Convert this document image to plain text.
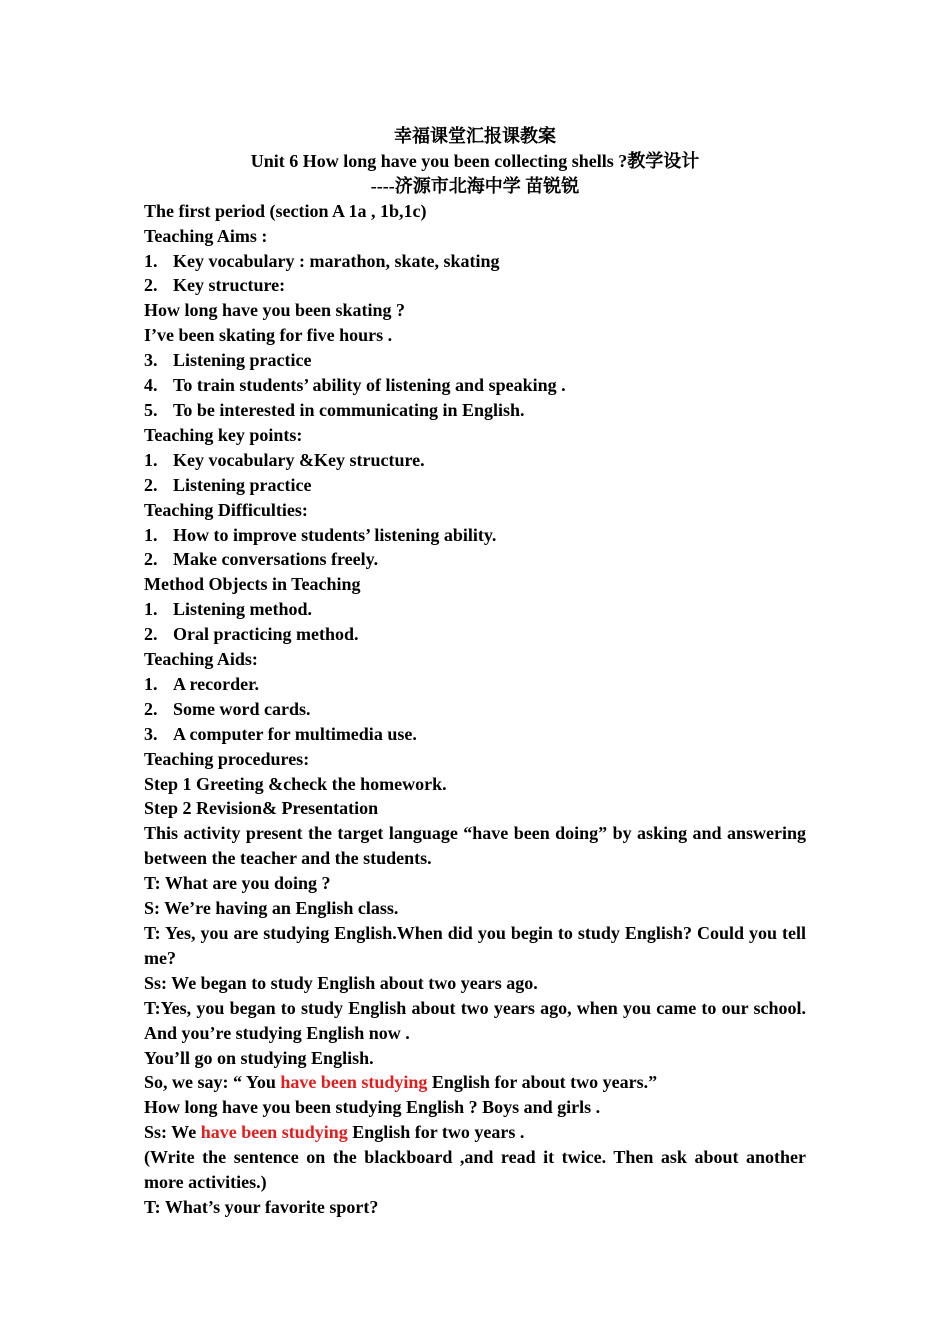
幸福课堂汇报课教案
Unit 6 How long have you been collecting shells ?教学设计
----济源市北海中学 苗锐锐
The first period (section A 1a , 1b,1c)
Teaching Aims :
1. Key vocabulary : marathon, skate, skating
2. Key structure:
How long have you been skating ?
I’ve been skating for five hours .
3. Listening practice
4. To train students’ ability of listening and speaking .
5. To be interested in communicating in English.
Teaching key points:
1. Key vocabulary &Key structure.
2. Listening practice
Teaching Difficulties:
1. How to improve students’ listening ability.
2. Make conversations freely.
Method Objects in Teaching
1. Listening method.
2. Oral practicing method.
Teaching Aids:
1. A recorder.
2. Some word cards.
3. A computer for multimedia use.
Teaching procedures:
Step 1 Greeting &check the homework.
Step 2 Revision& Presentation
This activity present the target language “have been doing” by asking and answering between the teacher and the students.
T: What are you doing ?
S: We’re having an English class.
T: Yes, you are studying English.When did you begin to study English? Could you tell me?
Ss: We began to study English about two years ago.
T:Yes, you began to study English about two years ago, when you came to our school. And you’re studying English now .
You’ll go on studying English.
So, we say: “ You have been studying English for about two years.”
How long have you been studying English ? Boys and girls .
Ss: We have been studying English for two years .
(Write the sentence on the blackboard ,and read it twice. Then ask about another more activities.)
T: What’s your favorite sport?
